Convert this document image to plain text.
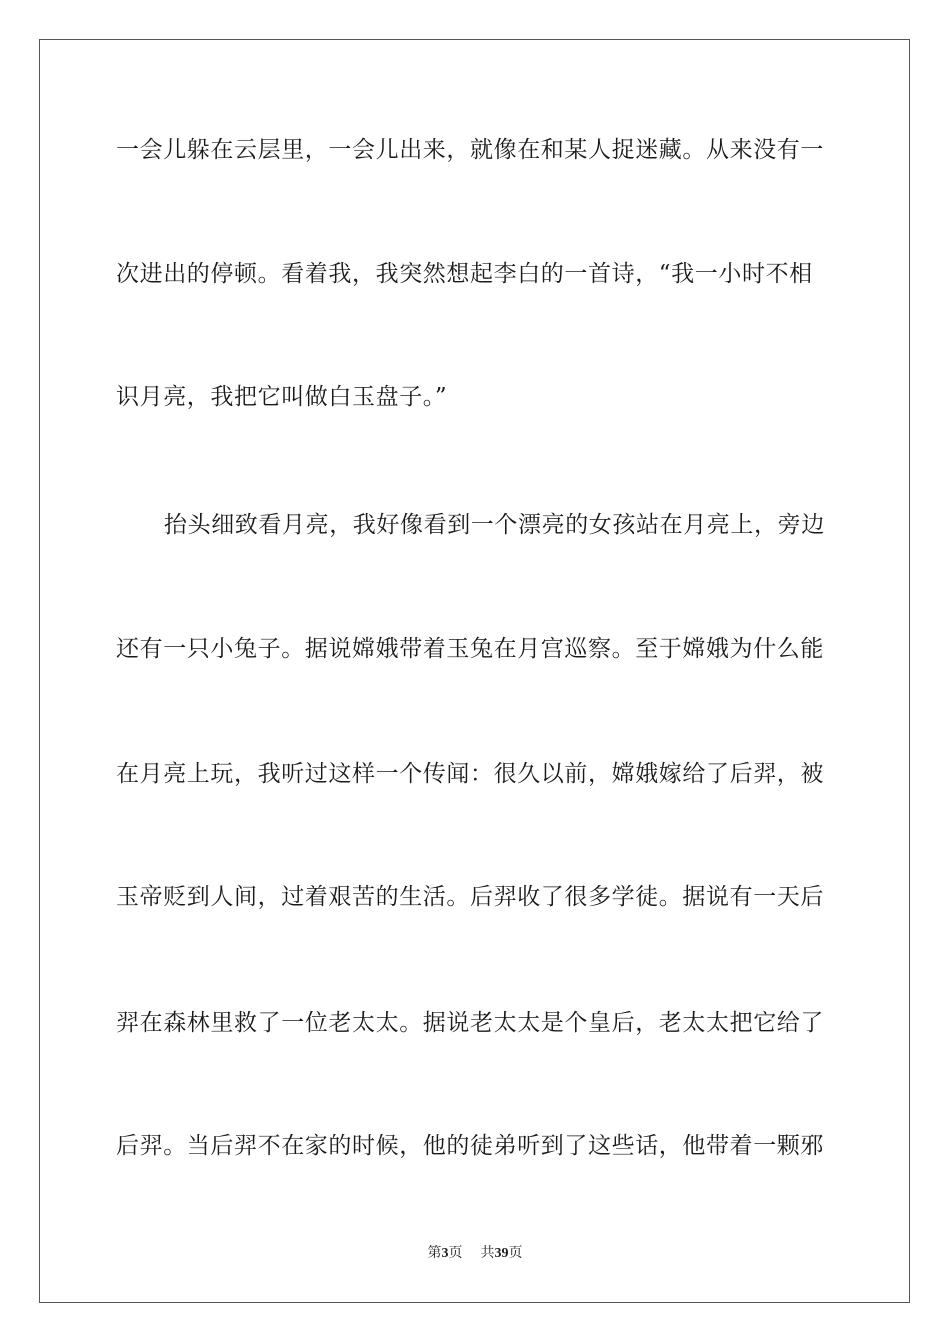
一会儿躲在云层里，一会儿出来，就像在和某人捉迷藏。从来没有一
次进出的停顿。看着我，我突然想起李白的一首诗，“我一小时不相
识月亮，我把它叫做白玉盘子。”
抬头细致看月亮，我好像看到一个漂亮的女孩站在月亮上，旁边
还有一只小兔子。据说嫦娥带着玉兔在月宫巡察。至于嫦娥为什么能
在月亮上玩，我听过这样一个传闻：很久以前，嫦娥嫁给了后羿，被
玉帝贬到人间，过着艰苦的生活。后羿收了很多学徒。据说有一天后
羿在森林里救了一位老太太。据说老太太是个皇后，老太太把它给了
后羿。当后羿不在家的时候，他的徒弟听到了这些话，他带着一颗邪
第3页 共39页
